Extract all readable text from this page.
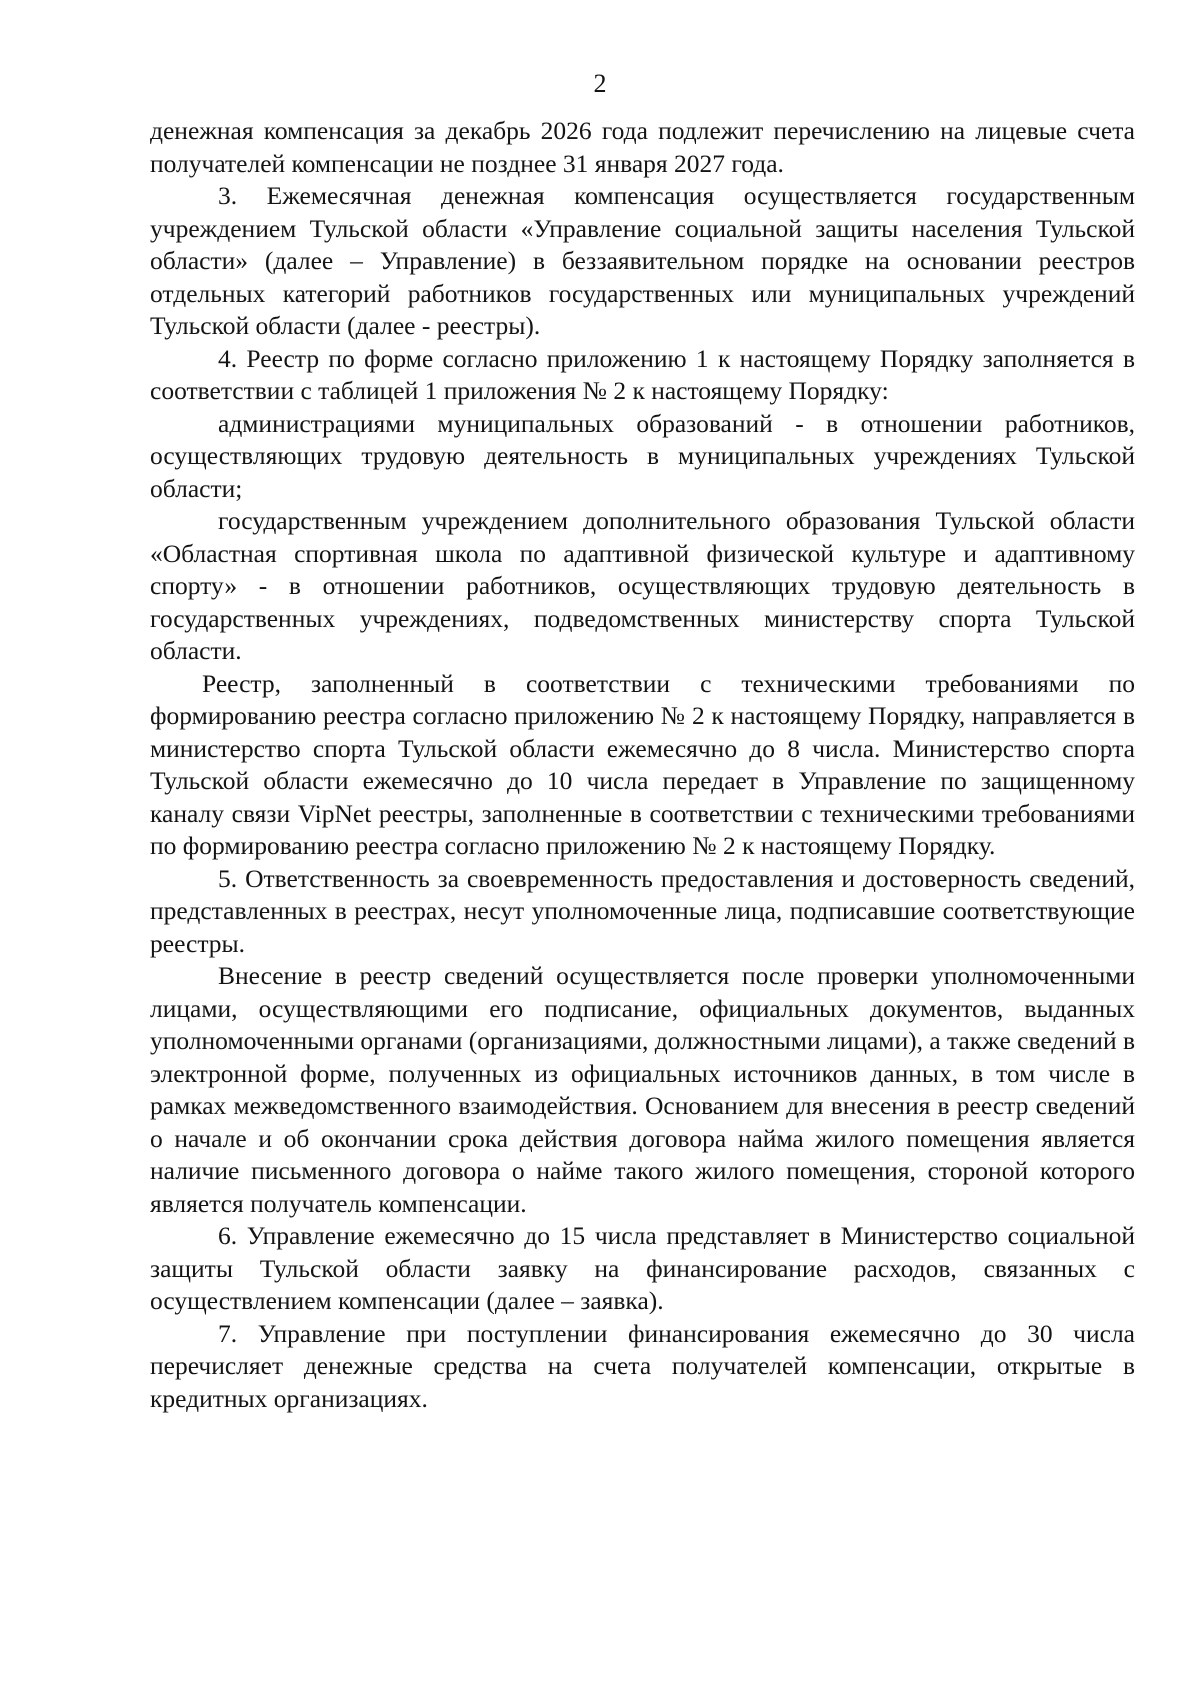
2

денежная компенсация за декабрь 2026 года подлежит перечислению на лицевые счета получателей компенсации не позднее 31 января 2027 года.

3. Ежемесячная денежная компенсация осуществляется государственным учреждением Тульской области «Управление социальной защиты населения Тульской области» (далее – Управление) в беззаявительном порядке на основании реестров отдельных категорий работников государственных или муниципальных учреждений Тульской области (далее - реестры).

4. Реестр по форме согласно приложению 1 к настоящему Порядку заполняется в соответствии с таблицей 1 приложения № 2 к настоящему Порядку:

администрациями муниципальных образований - в отношении работников, осуществляющих трудовую деятельность в муниципальных учреждениях Тульской области;

государственным учреждением дополнительного образования Тульской области «Областная спортивная школа по адаптивной физической культуре и адаптивному спорту» - в отношении работников, осуществляющих трудовую деятельность в государственных учреждениях, подведомственных министерству спорта Тульской области.

Реестр, заполненный в соответствии с техническими требованиями по формированию реестра согласно приложению № 2 к настоящему Порядку, направляется в министерство спорта Тульской области ежемесячно до 8 числа. Министерство спорта Тульской области ежемесячно до 10 числа передает в Управление по защищенному каналу связи VipNet реестры, заполненные в соответствии с техническими требованиями по формированию реестра согласно приложению № 2 к настоящему Порядку.

5. Ответственность за своевременность предоставления и достоверность сведений, представленных в реестрах, несут уполномоченные лица, подписавшие соответствующие реестры.

Внесение в реестр сведений осуществляется после проверки уполномоченными лицами, осуществляющими его подписание, официальных документов, выданных уполномоченными органами (организациями, должностными лицами), а также сведений в электронной форме, полученных из официальных источников данных, в том числе в рамках межведомственного взаимодействия. Основанием для внесения в реестр сведений о начале и об окончании срока действия договора найма жилого помещения является наличие письменного договора о найме такого жилого помещения, стороной которого является получатель компенсации.

6. Управление ежемесячно до 15 числа представляет в Министерство социальной защиты Тульской области заявку на финансирование расходов, связанных с осуществлением компенсации (далее – заявка).

7. Управление при поступлении финансирования ежемесячно до 30 числа перечисляет денежные средства на счета получателей компенсации, открытые в кредитных организациях.
